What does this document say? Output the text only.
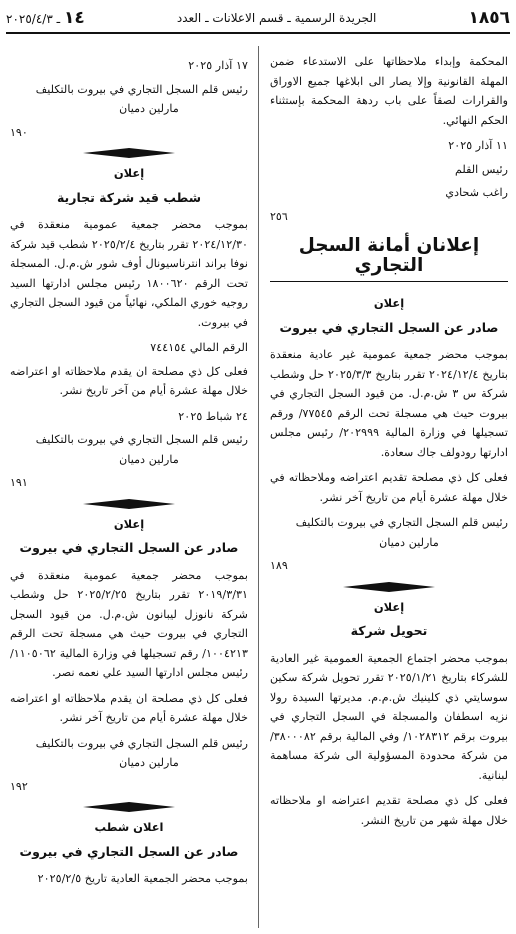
١٨٥٦
الجريدة الرسمية ـ قسم الاعلانات ـ العدد
١٤ ـ ٢٠٢٥/٤/٣

المحكمة وإبداء ملاحظاتها على الاستدعاء ضمن المهلة القانونية وإلا يصار الى ابلاغها جميع الاوراق والقرارات لصقاً على باب ردهة المحكمة بإستثناء الحكم النهائي.

١١ آذار ٢٠٢٥
رئيس القلم
راغب شحادي
٢٥٦
إعلانان أمانة السجل التجاري
إعلان
صادر عن السجل التجاري في بيروت

بموجب محضر جمعية عمومية غير عادية منعقدة بتاريخ ٢٠٢٤/١٢/٤ تقرر بتاريخ ٢٠٢٥/٣/٣ حل وشطب شركة س ٣ ش.م.ل. من قيود السجل التجاري في بيروت حيث هي مسجلة تحت الرقم ٧٧٥٤٥/ ورقم تسجيلها في وزارة المالية ٢٠٢٩٩٩/ رئيس مجلس ادارتها رودولف جاك سعادة.

فعلى كل ذي مصلحة تقديم اعتراضه وملاحظاته في خلال مهلة عشرة أيام من تاريخ آخر نشر.

رئيس قلم السجل التجاري في بيروت بالتكليف
مارلين دميان
١٨٩
إعلان
تحويل شركة

بموجب محضر اجتماع الجمعية العمومية غير العادية للشركاء بتاريخ ٢٠٢٥/١/٢١ تقرر تحويل شركة سكين سوسايتي ذي كلينيك ش.م.م. مديرتها السيدة رولا نزيه اسطفان والمسجلة في السجل التجاري في بيروت برقم ١٠٢٨٣١٢/ وفي المالية برقم ٣٨٠٠٠٨٢/ من شركة محدودة المسؤولية الى شركة مساهمة لبنانية.

فعلى كل ذي مصلحة تقديم اعتراضه او ملاحظاته خلال مهلة شهر من تاريخ النشر.

١٧ آذار ٢٠٢٥
رئيس قلم السجل التجاري في بيروت بالتكليف
مارلين دميان
١٩٠
إعلان
شطب قيد شركة تجارية

بموجب محضر جمعية عمومية منعقدة في ٢٠٢٤/١٢/٣٠ تقرر بتاريخ ٢٠٢٥/٢/٤ شطب قيد شركة نوفا براند انترناسيونال أوف شور ش.م.ل. المسجلة تحت الرقم ١٨٠٠٦٢٠ رئيس مجلس ادارتها السيد روجيه خوري الملكي، نهائياً من قيود السجل التجاري في بيروت.

الرقم المالي ٧٤٤١٥٤

فعلى كل ذي مصلحة ان يقدم ملاحظاته او اعتراضه خلال مهلة عشرة أيام من آخر تاريخ نشر.

٢٤ شباط ٢٠٢٥
رئيس قلم السجل التجاري في بيروت بالتكليف
مارلين دميان
١٩١
إعلان
صادر عن السجل التجاري في بيروت

بموجب محضر جمعية عمومية منعقدة في ٢٠١٩/٣/٣١ تقرر بتاريخ ٢٠٢٥/٢/٢٥ حل وشطب شركة نانوزل ليبانون ش.م.ل. من قيود السجل التجاري في بيروت حيث هي مسجلة تحت الرقم ١٠٠٤٢١٣/ رقم تسجيلها في وزارة المالية ١١٠٥٠٦٢/ رئيس مجلس ادارتها السيد علي نعمه نصر.

فعلى كل ذي مصلحة ان يقدم ملاحظاته او اعتراضه خلال مهلة عشرة أيام من تاريخ آخر نشر.

رئيس قلم السجل التجاري في بيروت بالتكليف
مارلين دميان
١٩٢
اعلان شطب
صادر عن السجل التجاري في بيروت

بموجب محضر الجمعية العادية تاريخ ٢٠٢٥/٢/٥
